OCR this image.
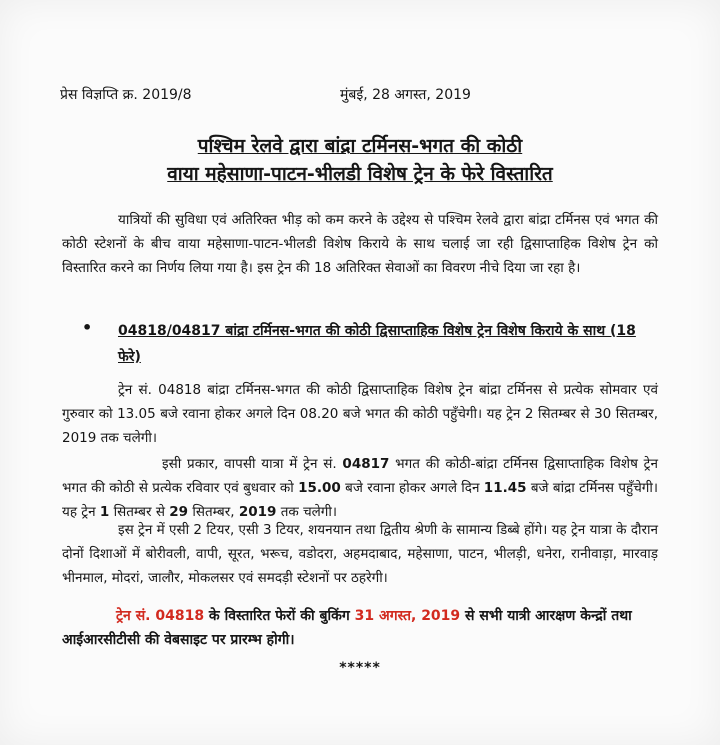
प्रेस विज्ञप्ति क्र. 2019/8	मुंबई, 28 अगस्त, 2019
पश्चिम रेलवे द्वारा बांद्रा टर्मिनस-भगत की कोठी
वाया महेसाणा-पाटन-भीलडी विशेष ट्रेन के फेरे विस्तारित
यात्रियों की सुविधा एवं अतिरिक्त भीड़ को कम करने के उद्देश्य से पश्चिम रेलवे द्वारा बांद्रा टर्मिनस एवं भगत की कोठी स्टेशनों के बीच वाया महेसाणा-पाटन-भीलडी विशेष किराये के साथ चलाई जा रही द्विसाप्ताहिक विशेष ट्रेन को विस्तारित करने का निर्णय लिया गया है। इस ट्रेन की 18 अतिरिक्त सेवाओं का विवरण नीचे दिया जा रहा है।
• 04818/04817 बांद्रा टर्मिनस-भगत की कोठी द्विसाप्ताहिक विशेष ट्रेन विशेष किराये के साथ (18 फेरे)
ट्रेन सं. 04818 बांद्रा टर्मिनस-भगत की कोठी द्विसाप्ताहिक विशेष ट्रेन बांद्रा टर्मिनस से प्रत्येक सोमवार एवं गुरुवार को 13.05 बजे रवाना होकर अगले दिन 08.20 बजे भगत की कोठी पहुँचेगी। यह ट्रेन 2 सितम्बर से 30 सितम्बर, 2019 तक चलेगी।
इसी प्रकार, वापसी यात्रा में ट्रेन सं. 04817 भगत की कोठी-बांद्रा टर्मिनस द्विसाप्ताहिक विशेष ट्रेन भगत की कोठी से प्रत्येक रविवार एवं बुधवार को 15.00 बजे रवाना होकर अगले दिन 11.45 बजे बांद्रा टर्मिनस पहुँचेगी। यह ट्रेन 1 सितम्बर से 29 सितम्बर, 2019 तक चलेगी।
इस ट्रेन में एसी 2 टियर, एसी 3 टियर, शयनयान तथा द्वितीय श्रेणी के सामान्य डिब्बे होंगे। यह ट्रेन यात्रा के दौरान दोनों दिशाओं में बोरीवली, वापी, सूरत, भरूच, वडोदरा, अहमदाबाद, महेसाणा, पाटन, भीलड़ी, धनेरा, रानीवाड़ा, मारवाड़ भीनमाल, मोदरां, जालौर, मोकलसर एवं समदड़ी स्टेशनों पर ठहरेगी।
ट्रेन सं. 04818 के विस्तारित फेरों की बुकिंग 31 अगस्त, 2019 से सभी यात्री आरक्षण केन्द्रों तथा आईआरसीटीसी की वेबसाइट पर प्रारम्भ होगी।
*****
